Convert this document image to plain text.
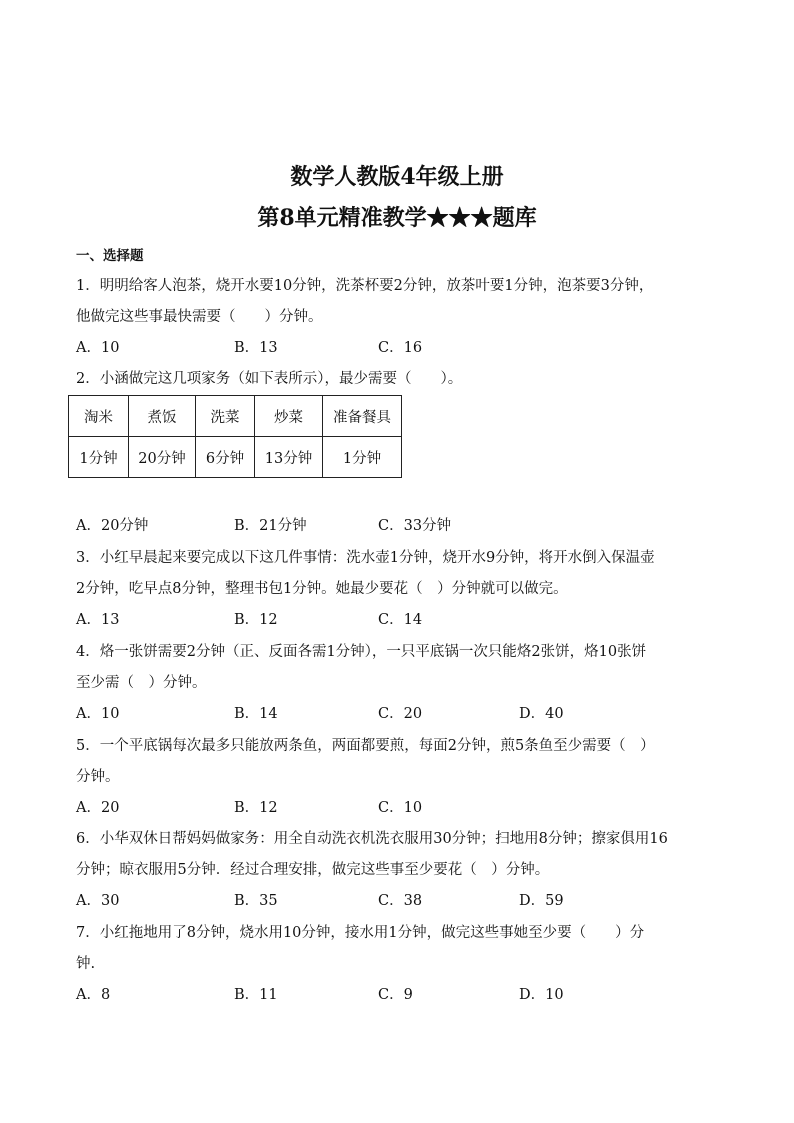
数学人教版4年级上册
第8单元精准教学★★★题库
一、选择题
1．明明给客人泡茶，烧开水要10分钟，洗茶杯要2分钟，放茶叶要1分钟，泡茶要3分钟，
他做完这些事最快需要（　　）分钟。
A．10	B．13	C．16
2．小涵做完这几项家务（如下表所示），最少需要（　　）。
淘米	煮饭	洗菜	炒菜	准备餐具
1分钟	20分钟	6分钟	13分钟	1分钟
A．20分钟	B．21分钟	C．33分钟
3．小红早晨起来要完成以下这几件事情：洗水壶1分钟，烧开水9分钟，将开水倒入保温壶
2分钟，吃早点8分钟，整理书包1分钟。她最少要花（　）分钟就可以做完。
A．13	B．12	C．14
4．烙一张饼需要2分钟（正、反面各需1分钟），一只平底锅一次只能烙2张饼，烙10张饼
至少需（　）分钟。
A．10	B．14	C．20	D．40
5．一个平底锅每次最多只能放两条鱼，两面都要煎，每面2分钟，煎5条鱼至少需要（　）
分钟。
A．20	B．12	C．10
6．小华双休日帮妈妈做家务：用全自动洗衣机洗衣服用30分钟；扫地用8分钟；擦家俱用16
分钟；晾衣服用5分钟．经过合理安排，做完这些事至少要花（　）分钟。
A．30	B．35	C．38	D．59
7．小红拖地用了8分钟，烧水用10分钟，接水用1分钟，做完这些事她至少要（　　）分
钟.
A．8	B．11	C．9	D．10
